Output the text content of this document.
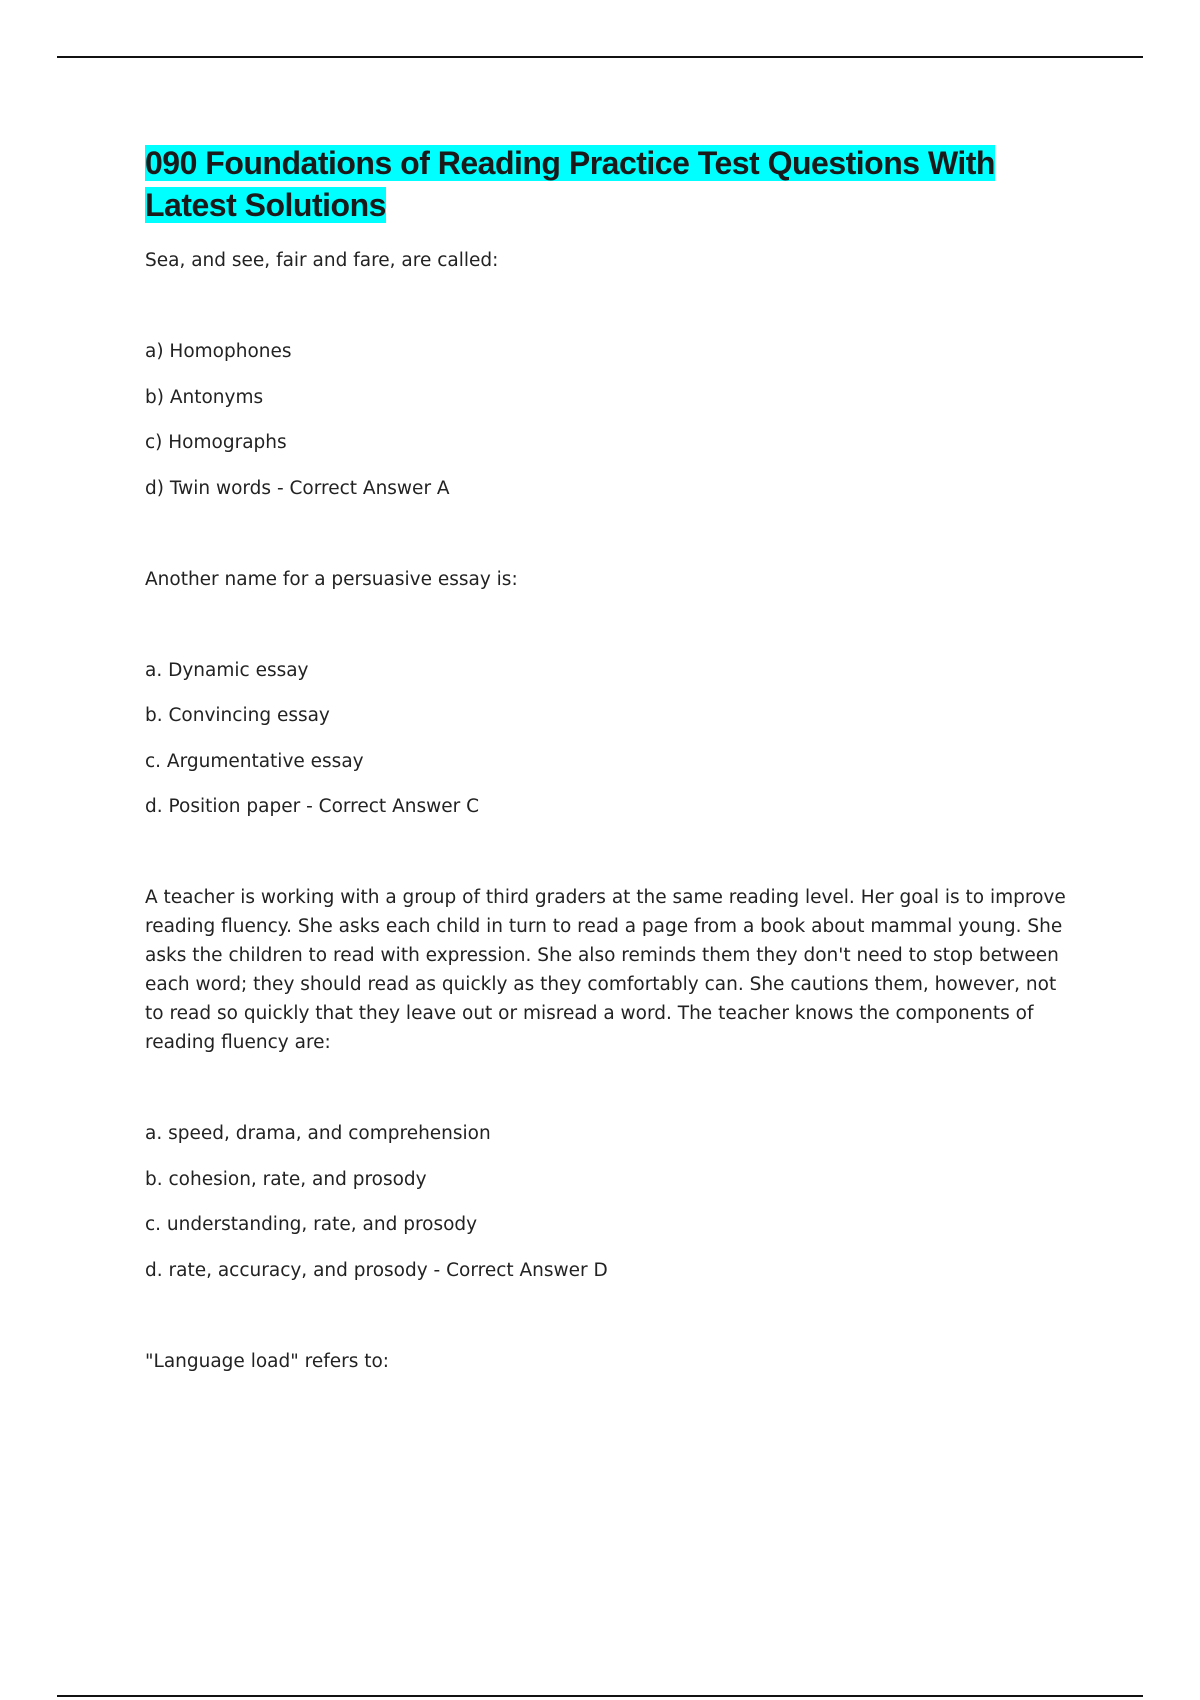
090 Foundations of Reading Practice Test Questions With Latest Solutions

Sea, and see, fair and fare, are called:

a) Homophones
b) Antonyms
c) Homographs
d) Twin words - Correct Answer A

Another name for a persuasive essay is:

a. Dynamic essay
b. Convincing essay
c. Argumentative essay
d. Position paper - Correct Answer C

A teacher is working with a group of third graders at the same reading level. Her goal is to improve reading fluency. She asks each child in turn to read a page from a book about mammal young. She asks the children to read with expression. She also reminds them they don't need to stop between each word; they should read as quickly as they comfortably can. She cautions them, however, not to read so quickly that they leave out or misread a word. The teacher knows the components of reading fluency are:

a. speed, drama, and comprehension
b. cohesion, rate, and prosody
c. understanding, rate, and prosody
d. rate, accuracy, and prosody - Correct Answer D

"Language load" refers to:
